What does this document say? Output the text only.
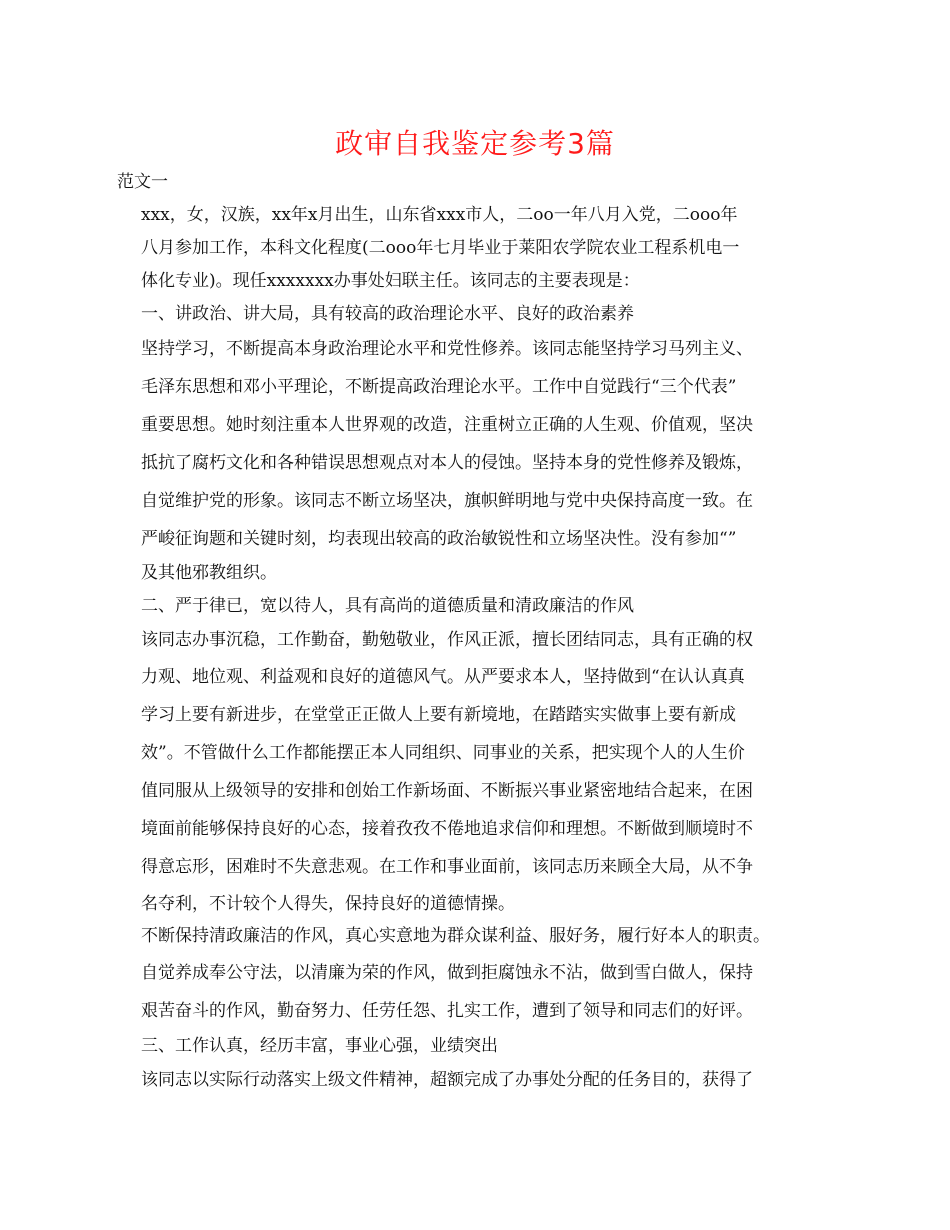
政审自我鉴定参考3篇
范文一
xxx，女，汉族，xx年x月出生，山东省xxx市人，二oo一年八月入党，二ooo年
八月参加工作，本科文化程度(二ooo年七月毕业于莱阳农学院农业工程系机电一
体化专业)。现任xxxxxxx办事处妇联主任。该同志的主要表现是：
一、讲政治、讲大局，具有较高的政治理论水平、良好的政治素养
坚持学习，不断提高本身政治理论水平和党性修养。该同志能坚持学习马列主义、
毛泽东思想和邓小平理论，不断提高政治理论水平。工作中自觉践行“三个代表”
重要思想。她时刻注重本人世界观的改造，注重树立正确的人生观、价值观，坚决
抵抗了腐朽文化和各种错误思想观点对本人的侵蚀。坚持本身的党性修养及锻炼，
自觉维护党的形象。该同志不断立场坚决，旗帜鲜明地与党中央保持高度一致。在
严峻征询题和关键时刻，均表现出较高的政治敏锐性和立场坚决性。没有参加“”
及其他邪教组织。
二、严于律已，宽以待人，具有高尚的道德质量和清政廉洁的作风
该同志办事沉稳，工作勤奋，勤勉敬业，作风正派，擅长团结同志，具有正确的权
力观、地位观、利益观和良好的道德风气。从严要求本人，坚持做到“在认认真真
学习上要有新进步，在堂堂正正做人上要有新境地，在踏踏实实做事上要有新成
效”。不管做什么工作都能摆正本人同组织、同事业的关系，把实现个人的人生价
值同服从上级领导的安排和创始工作新场面、不断振兴事业紧密地结合起来，在困
境面前能够保持良好的心态，接着孜孜不倦地追求信仰和理想。不断做到顺境时不
得意忘形，困难时不失意悲观。在工作和事业面前，该同志历来顾全大局，从不争
名夺利，不计较个人得失，保持良好的道德情操。
不断保持清政廉洁的作风，真心实意地为群众谋利益、服好务，履行好本人的职责。
自觉养成奉公守法，以清廉为荣的作风，做到拒腐蚀永不沾，做到雪白做人，保持
艰苦奋斗的作风，勤奋努力、任劳任怨、扎实工作，遭到了领导和同志们的好评。
三、工作认真，经历丰富，事业心强，业绩突出
该同志以实际行动落实上级文件精神，超额完成了办事处分配的任务目的，获得了
